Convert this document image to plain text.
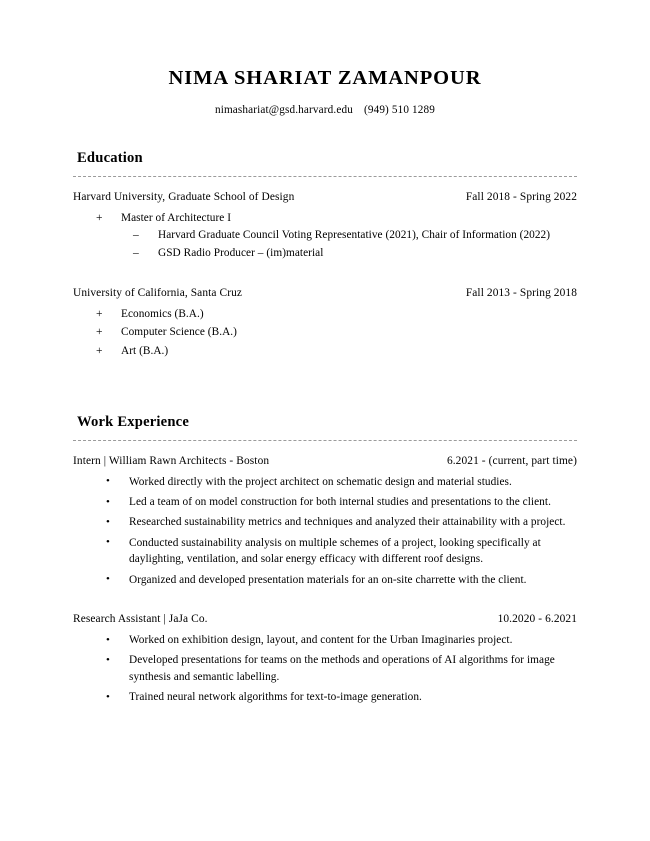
NIMA SHARIAT ZAMANPOUR
nimashariat@gsd.harvard.edu (949) 510 1289
Education
Harvard University, Graduate School of Design	Fall 2018 - Spring 2022
+ Master of Architecture I
– Harvard Graduate Council Voting Representative (2021), Chair of Information (2022)
– GSD Radio Producer – (im)material
University of California, Santa Cruz	Fall 2013 - Spring 2018
+ Economics (B.A.)
+ Computer Science (B.A.)
+ Art (B.A.)
Work Experience
Intern | William Rawn Architects - Boston	6.2021 - (current, part time)
• Worked directly with the project architect on schematic design and material studies.
• Led a team of on model construction for both internal studies and presentations to the client.
• Researched sustainability metrics and techniques and analyzed their attainability with a project.
• Conducted sustainability analysis on multiple schemes of a project, looking specifically at daylighting, ventilation, and solar energy efficacy with different roof designs.
• Organized and developed presentation materials for an on-site charrette with the client.
Research Assistant | JaJa Co.	10.2020 - 6.2021
• Worked on exhibition design, layout, and content for the Urban Imaginaries project.
• Developed presentations for teams on the methods and operations of AI algorithms for image synthesis and semantic labelling.
• Trained neural network algorithms for text-to-image generation.
